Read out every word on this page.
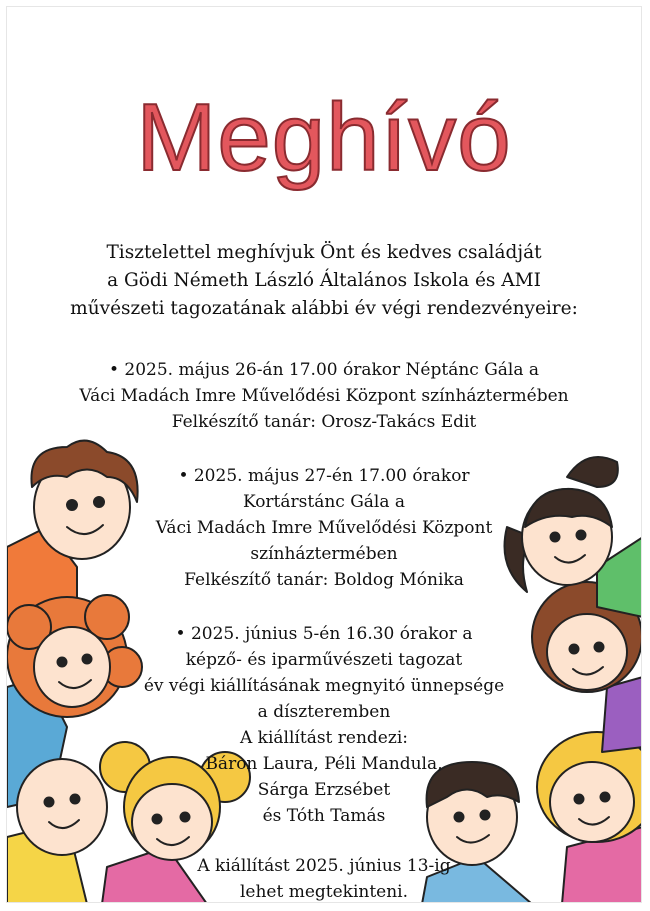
Meghívó
Tisztelettel meghívjuk Önt és kedves családját
a Gödi Németh László Általános Iskola és AMI
művészeti tagozatának alábbi év végi rendezvényeire:
• 2025. május 26-án 17.00 órakor Néptánc Gála a
Váci Madách Imre Művelődési Központ színháztermében
Felkészítő tanár: Orosz-Takács Edit
• 2025. május 27-én 17.00 órakor
Kortárstánc Gála a
Váci Madách Imre Művelődési Központ
színháztermében
Felkészítő tanár: Boldog Mónika
• 2025. június 5-én 16.30 órakor a
képző- és iparművészeti tagozat
év végi kiállításának megnyitó ünnepsége
a díszteremben
A kiállítást rendezi:
Báron Laura, Péli Mandula,
Sárga Erzsébet
és Tóth Tamás
A kiállítást 2025. június 13-ig
lehet megtekinteni.
